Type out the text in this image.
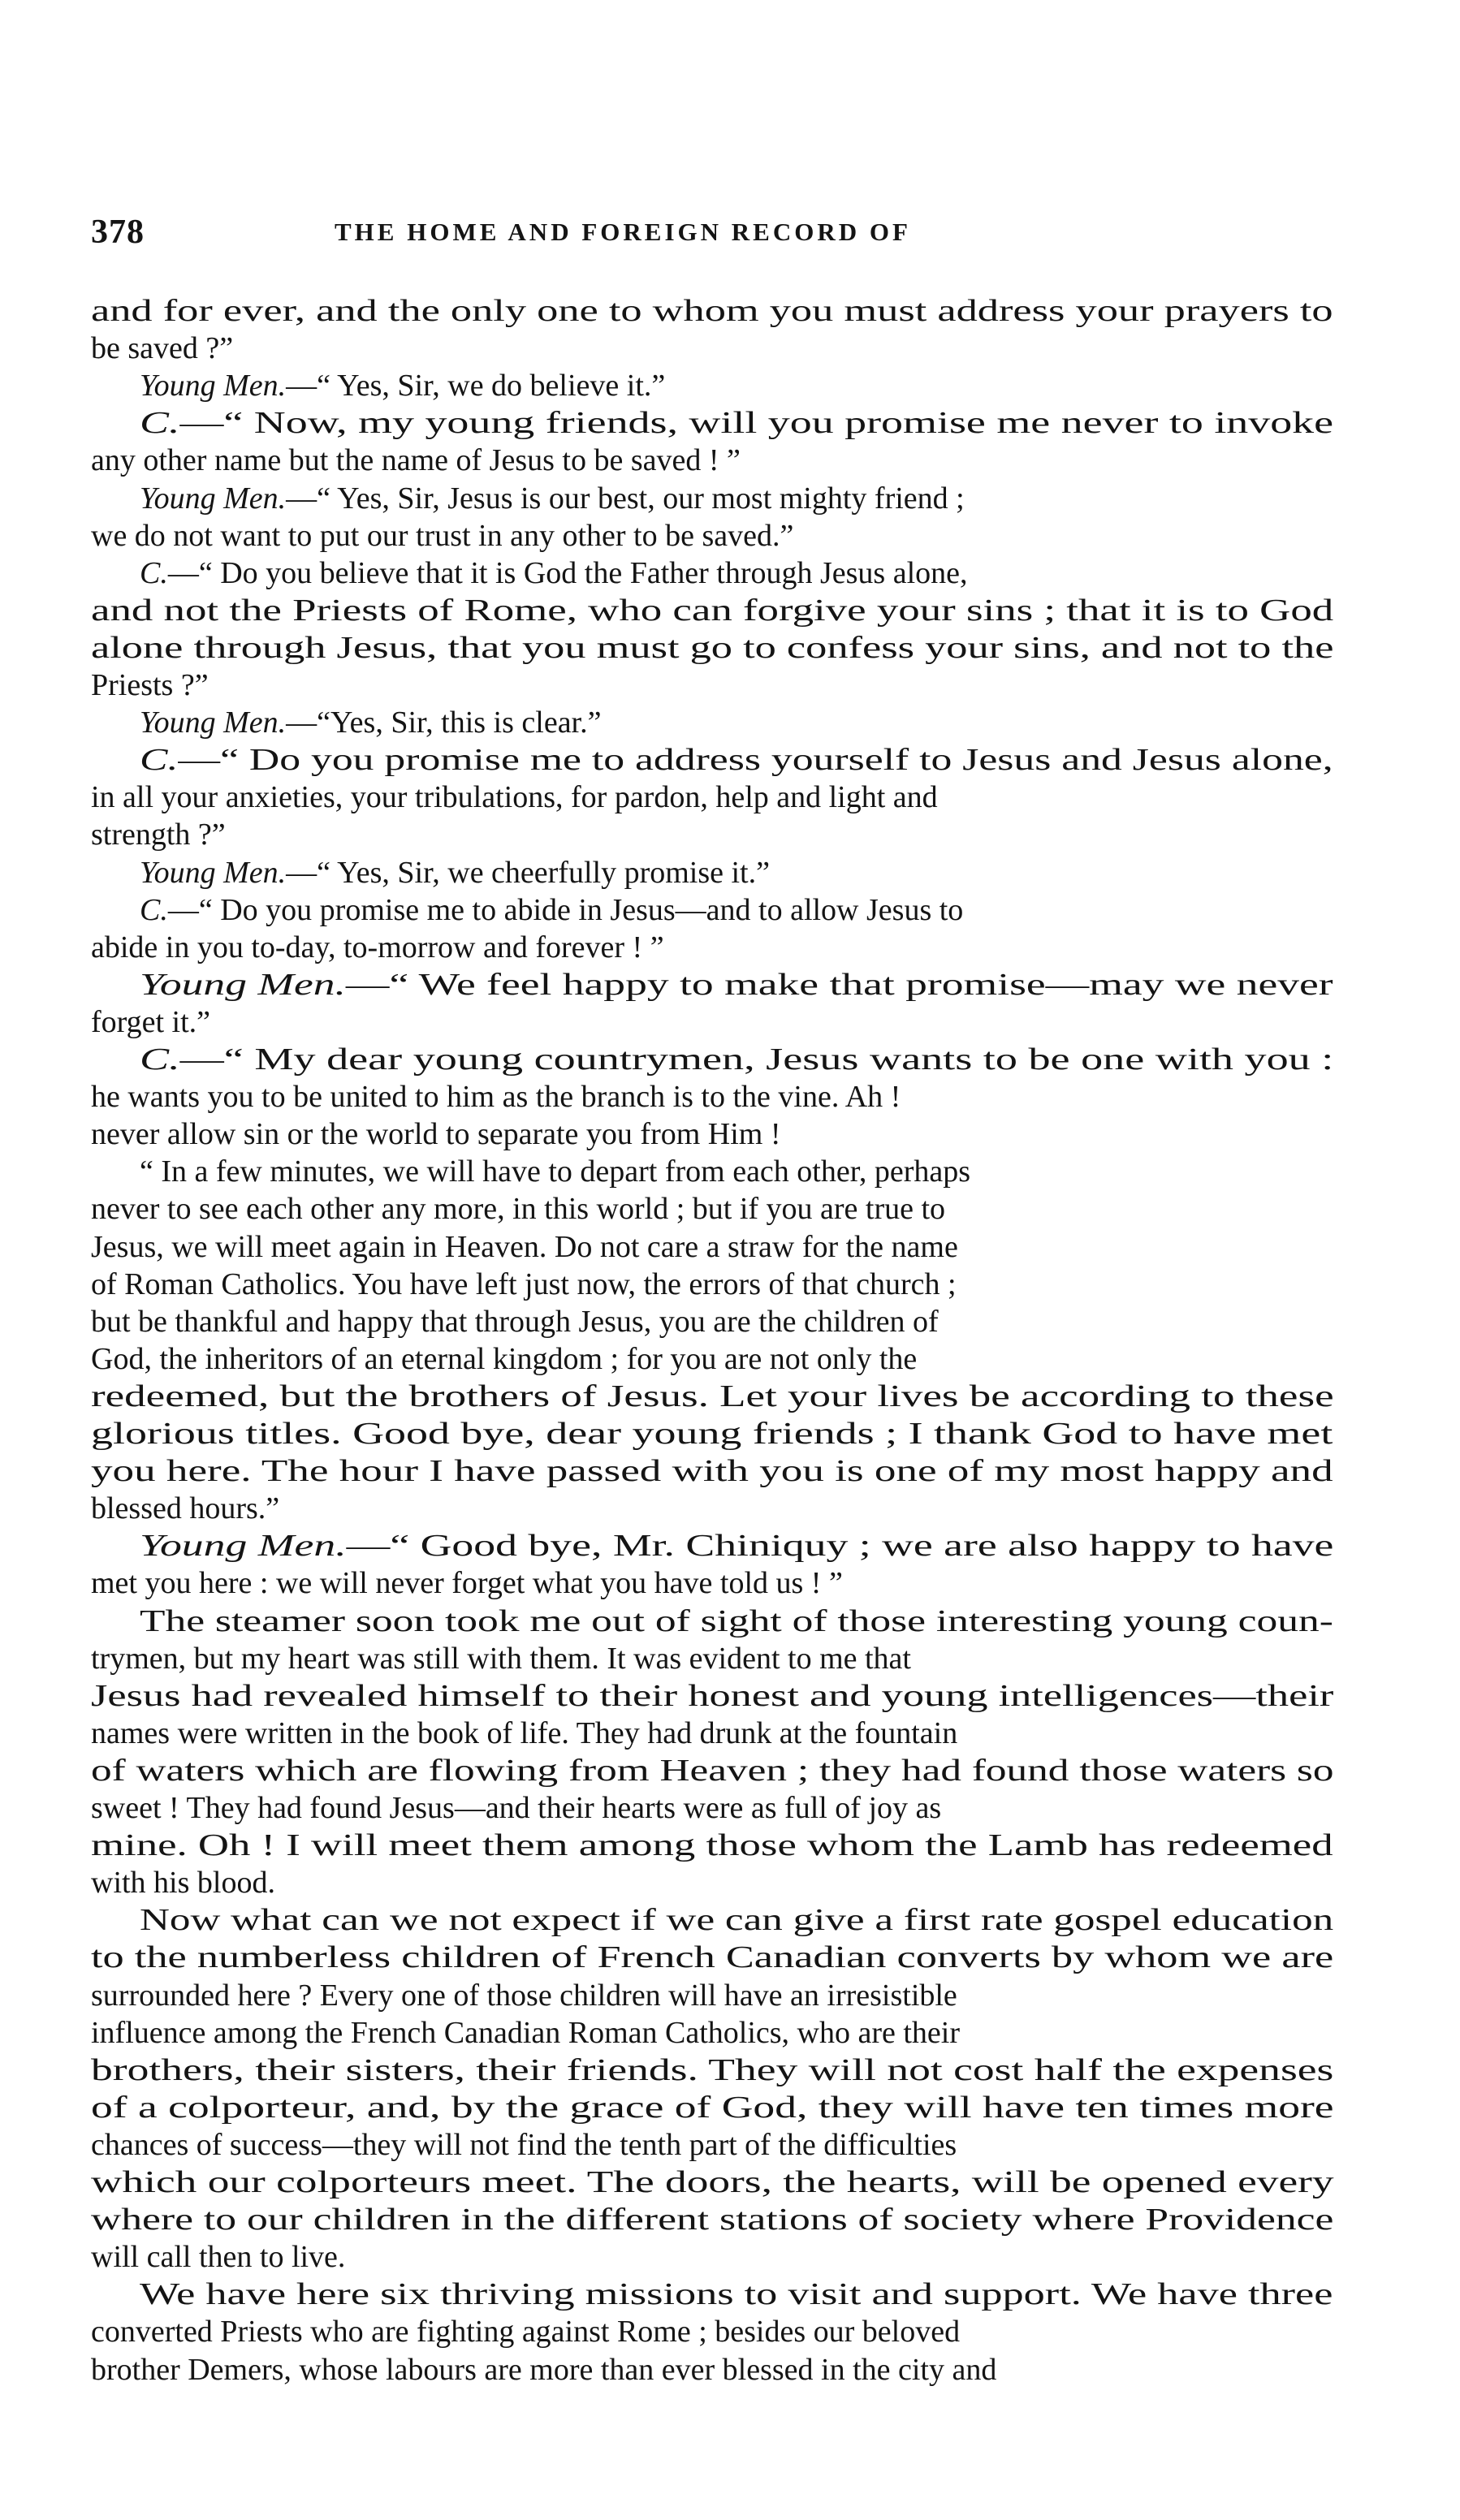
378	THE HOME AND FOREIGN RECORD OF
and for ever, and the only one to whom you must address your prayers to
be saved ?”
Young Men.—“ Yes, Sir, we do believe it.”
C.—“ Now, my young friends, will you promise me never to invoke
any other name but the name of Jesus to be saved ! ”
Young Men.—“ Yes, Sir, Jesus is our best, our most mighty friend ;
we do not want to put our trust in any other to be saved.”
C.—“ Do you believe that it is God the Father through Jesus alone,
and not the Priests of Rome, who can forgive your sins ; that it is to God
alone through Jesus, that you must go to confess your sins, and not to the
Priests ?”
Young Men.—“Yes, Sir, this is clear.”
C.—“ Do you promise me to address yourself to Jesus and Jesus alone,
in all your anxieties, your tribulations, for pardon, help and light and
strength ?”
Young Men.—“ Yes, Sir, we cheerfully promise it.”
C.—“ Do you promise me to abide in Jesus—and to allow Jesus to
abide in you to-day, to-morrow and forever ! ”
Young Men.—“ We feel happy to make that promise—may we never
forget it.”
C.—“ My dear young countrymen, Jesus wants to be one with you :
he wants you to be united to him as the branch is to the vine. Ah !
never allow sin or the world to separate you from Him !
“ In a few minutes, we will have to depart from each other, perhaps
never to see each other any more, in this world ; but if you are true to
Jesus, we will meet again in Heaven. Do not care a straw for the name
of Roman Catholics. You have left just now, the errors of that church ;
but be thankful and happy that through Jesus, you are the children of
God, the inheritors of an eternal kingdom ; for you are not only the
redeemed, but the brothers of Jesus. Let your lives be according to these
glorious titles. Good bye, dear young friends ; I thank God to have met
you here. The hour I have passed with you is one of my most happy and
blessed hours.”
Young Men.—“ Good bye, Mr. Chiniquy ; we are also happy to have
met you here : we will never forget what you have told us ! ”
The steamer soon took me out of sight of those interesting young coun-
trymen, but my heart was still with them. It was evident to me that
Jesus had revealed himself to their honest and young intelligences—their
names were written in the book of life. They had drunk at the fountain
of waters which are flowing from Heaven ; they had found those waters so
sweet ! They had found Jesus—and their hearts were as full of joy as
mine. Oh ! I will meet them among those whom the Lamb has redeemed
with his blood.
Now what can we not expect if we can give a first rate gospel education
to the numberless children of French Canadian converts by whom we are
surrounded here ? Every one of those children will have an irresistible
influence among the French Canadian Roman Catholics, who are their
brothers, their sisters, their friends. They will not cost half the expenses
of a colporteur, and, by the grace of God, they will have ten times more
chances of success—they will not find the tenth part of the difficulties
which our colporteurs meet. The doors, the hearts, will be opened every
where to our children in the different stations of society where Providence
will call then to live.
We have here six thriving missions to visit and support. We have three
converted Priests who are fighting against Rome ; besides our beloved
brother Demers, whose labours are more than ever blessed in the city and
